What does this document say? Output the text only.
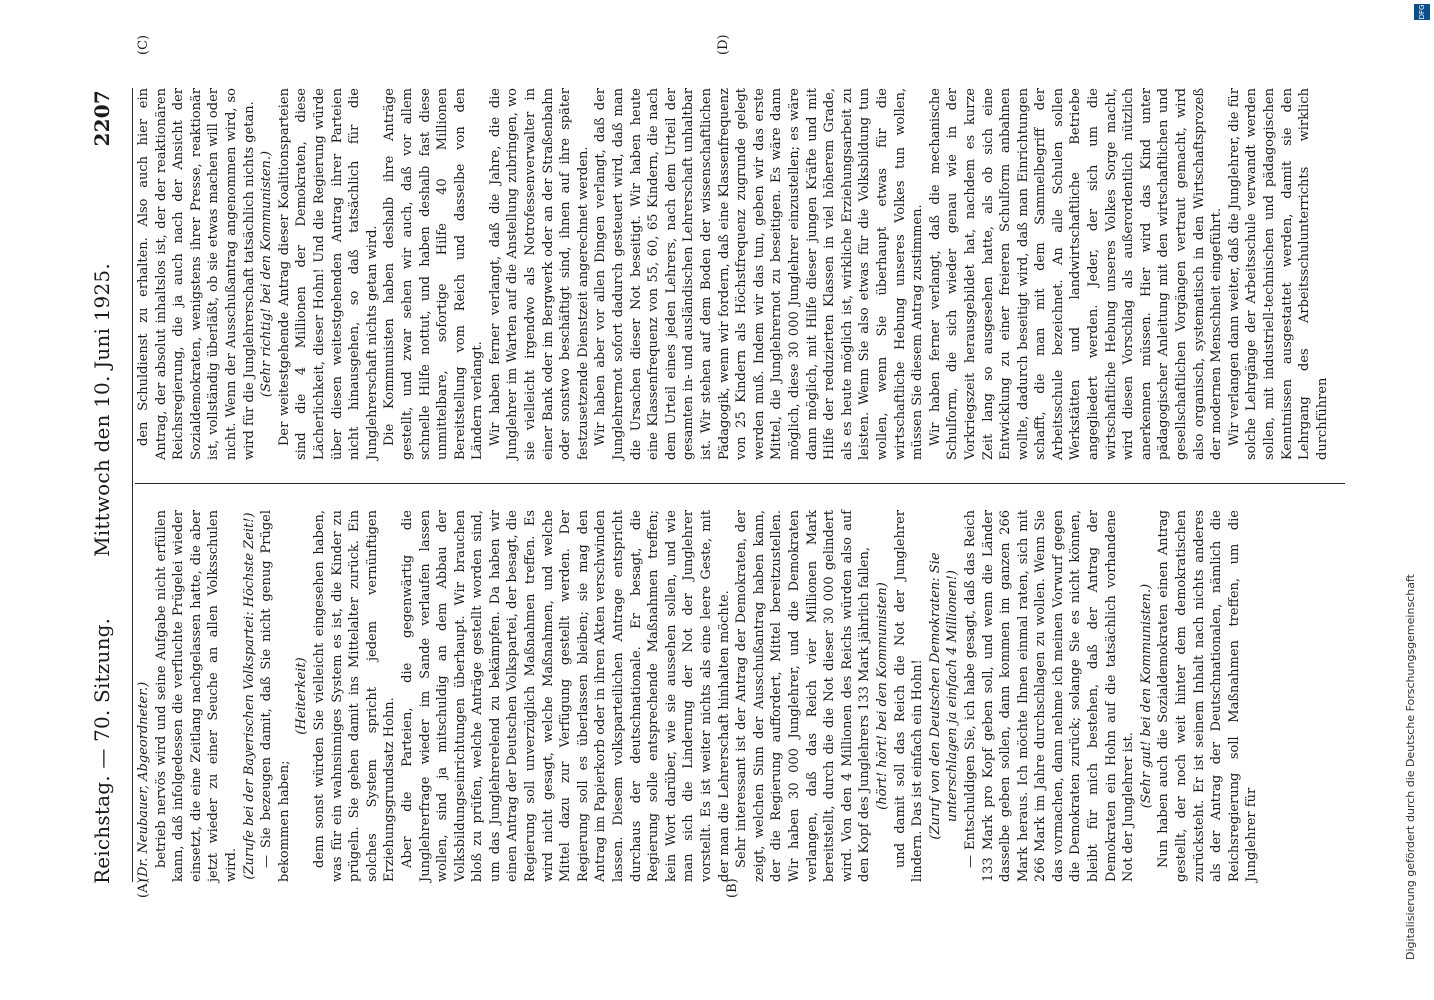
Reichstag. — 70. Sitzung.
Mittwoch den 10. Juni 1925.
2207
(A)	(B)
(C)	(D)

(Dr. Neubauer, Abgeordneter.) betrieb nervös wird und seine Aufgabe nicht erfüllen kann, daß infolgedessen die verfluchte Prügelei wieder einsetzt, die eine Zeitlang nachgelassen hatte, die aber jetzt wieder zu einer Seuche an allen Volksschulen wird. (Zurufe bei der Bayerischen Volkspartei: Höchste Zeit!) — Sie bezeugen damit, daß Sie nicht genug Prügel bekommen haben;

(Heiterkeit) denn sonst würden Sie vielleicht eingesehen haben, was für ein wahnsinniges System es ist, die Kinder zu prügeln. Sie gehen damit ins Mittelalter zurück. Ein solches System spricht jedem vernünftigen Erziehungsgrundsatz Hohn. Aber die Parteien, die gegenwärtig die Junglehrerfrage wieder im Sande verlaufen lassen wollen, sind ja mitschuldig an dem Abbau der Volksbildungseinrichtungen überhaupt. Wir brauchen bloß zu prüfen, welche Anträge gestellt worden sind, um das Junglehrerelend zu bekämpfen. Da haben wir einen Antrag der Deutschen Volkspartei, der besagt, die Regierung soll unverzüglich Maßnahmen treffen. Es wird nicht gesagt, welche Maßnahmen, und welche Mittel dazu zur Verfügung gestellt werden. Der Regierung soll es überlassen bleiben; sie mag den Antrag im Papierkorb oder in ihren Akten verschwinden lassen. Diesem volksparteilichen Antrage entspricht durchaus der deutschnationale. Er besagt, die Regierung solle entsprechende Maßnahmen treffen; kein Wort darüber, wie sie aussehen sollen, und wie man sich die Linderung der Not der Junglehrer vorstellt. Es ist weiter nichts als eine leere Geste, mit der man die Lehrerschaft hinhalten möchte. Sehr interessant ist der Antrag der Demokraten, der zeigt, welchen Sinn der Ausschußantrag haben kann, der die Regierung auffordert, Mittel bereitzustellen. Wir haben 30 000 Junglehrer, und die Demokraten verlangen, daß das Reich vier Millionen Mark bereitstellt, durch die die Not dieser 30 000 gelindert wird. Von den 4 Millionen des Reichs würden also auf den Kopf des Junglehrers 133 Mark jährlich fallen, (hört! hört! bei den Kommunisten) und damit soll das Reich die Not der Junglehrer lindern. Das ist einfach ein Hohn! (Zuruf von den Deutschen Demokraten: Sie unterschlagen ja einfach 4 Millionen!) — Entschuldigen Sie, ich habe gesagt, daß das Reich 133 Mark pro Kopf geben soll, und wenn die Länder dasselbe geben sollen, dann kommen im ganzen 266 Mark heraus. Ich möchte Ihnen einmal raten, sich mit 266 Mark im Jahre durchschlagen zu wollen. Wenn Sie das vormachen, dann nehme ich meinen Vorwurf gegen die Demokraten zurück; solange Sie es nicht können, bleibt für mich bestehen, daß der Antrag der Demokraten ein Hohn auf die tatsächlich vorhandene Not der Junglehrer ist. (Sehr gut! bei den Kommunisten.) Nun haben auch die Sozialdemokraten einen Antrag gestellt, der noch weit hinter dem demokratischen zurücksteht. Er ist seinem Inhalt nach nichts anderes als der Antrag der Deutschnationalen, nämlich die Reichsregierung soll Maßnahmen treffen, um die Junglehrer für

den Schuldienst zu erhalten. Also auch hier ein Antrag, der absolut inhaltslos ist, der der reaktionären Reichsregierung, die ja auch nach der Ansicht der Sozialdemokraten, wenigstens ihrer Presse, reaktionär ist, vollständig überläßt, ob sie etwas machen will oder nicht. Wenn der Ausschußantrag angenommen wird, so wird für die Junglehrerschaft tatsächlich nichts getan. (Sehr richtig! bei den Kommunisten.) Der weitestgehende Antrag dieser Koalitionsparteien sind die 4 Millionen der Demokraten, diese Lächerlichkeit, dieser Hohn! Und die Regierung würde über diesen weitestgehenden Antrag ihrer Parteien nicht hinausgehen, so daß tatsächlich für die Junglehrerschaft nichts getan wird. Die Kommunisten haben deshalb ihre Anträge gestellt, und zwar sehen wir auch, daß vor allem schnelle Hilfe nottut, und haben deshalb fast diese unmittelbare, sofortige Hilfe 40 Millionen Bereitstellung vom Reich und dasselbe von den Ländern verlangt. Wir haben ferner verlangt, daß die Jahre, die die Junglehrer im Warten auf die Anstellung zubringen, wo sie vielleicht irgendwo als Notrofessenverwalter in einer Bank oder im Bergwerk oder an der Straßenbahn oder sonstwo beschäftigt sind, ihnen auf ihre später festzusetzende Dienstzeit angerechnet werden. Wir haben aber vor allen Dingen verlangt, daß der Junglehrernot sofort dadurch gesteuert wird, daß man die Ursachen dieser Not beseitigt. Wir haben heute eine Klassenfrequenz von 55, 60, 65 Kindern, die nach dem Urteil eines jeden Lehrers, nach dem Urteil der gesamten in- und ausländischen Lehrerschaft unhaltbar ist. Wir stehen auf dem Boden der wissenschaftlichen Pädagogik, wenn wir fordern, daß eine Klassenfrequenz von 25 Kindern als Höchstfrequenz zugrunde gelegt werden muß. Indem wir das tun, geben wir das erste Mittel, die Junglehrernot zu beseitigen. Es wäre dann möglich, diese 30 000 Junglehrer einzustellen; es wäre dann möglich, mit Hilfe dieser jungen Kräfte und mit Hilfe der reduzierten Klassen in viel höherem Grade, als es heute möglich ist, wirkliche Erziehungsarbeit zu leisten. Wenn Sie also etwas für die Volksbildung tun wollen, wenn Sie überhaupt etwas für die wirtschaftliche Hebung unseres Volkes tun wollen, müssen Sie diesem Antrag zustimmen. Wir haben ferner verlangt, daß die mechanische Schulform, die sich wieder genau wie in der Vorkriegszeit herausgebildet hat, nachdem es kurze Zeit lang so ausgesehen hatte, als ob sich eine Entwicklung zu einer freieren Schulform anbahnen wollte, dadurch beseitigt wird, daß man Einrichtungen schafft, die man mit dem Sammelbegriff der Arbeitsschule bezeichnet. An alle Schulen sollen Werkstätten und landwirtschaftliche Betriebe angegliedert werden. Jeder, der sich um die wirtschaftliche Hebung unseres Volkes Sorge macht, wird diesen Vorschlag als außerordentlich nützlich anerkennen müssen. Hier wird das Kind unter pädagogischer Anleitung mit den wirtschaftlichen und gesellschaftlichen Vorgängen vertraut gemacht, wird also organisch, systematisch in den Wirtschaftsprozeß der modernen Menschheit eingeführt. Wir verlangen dann weiter, daß die Junglehrer, die für solche Lehrgänge der Arbeitsschule verwandt werden sollen, mit industriell-technischen und pädagogischen Kenntnissen ausgestattet werden, damit sie den Lehrgang des Arbeitsschulunterrichts wirklich durchführen

Digitalisierung gefördert durch die Deutsche Forschungsgemeinschaft
DFG
